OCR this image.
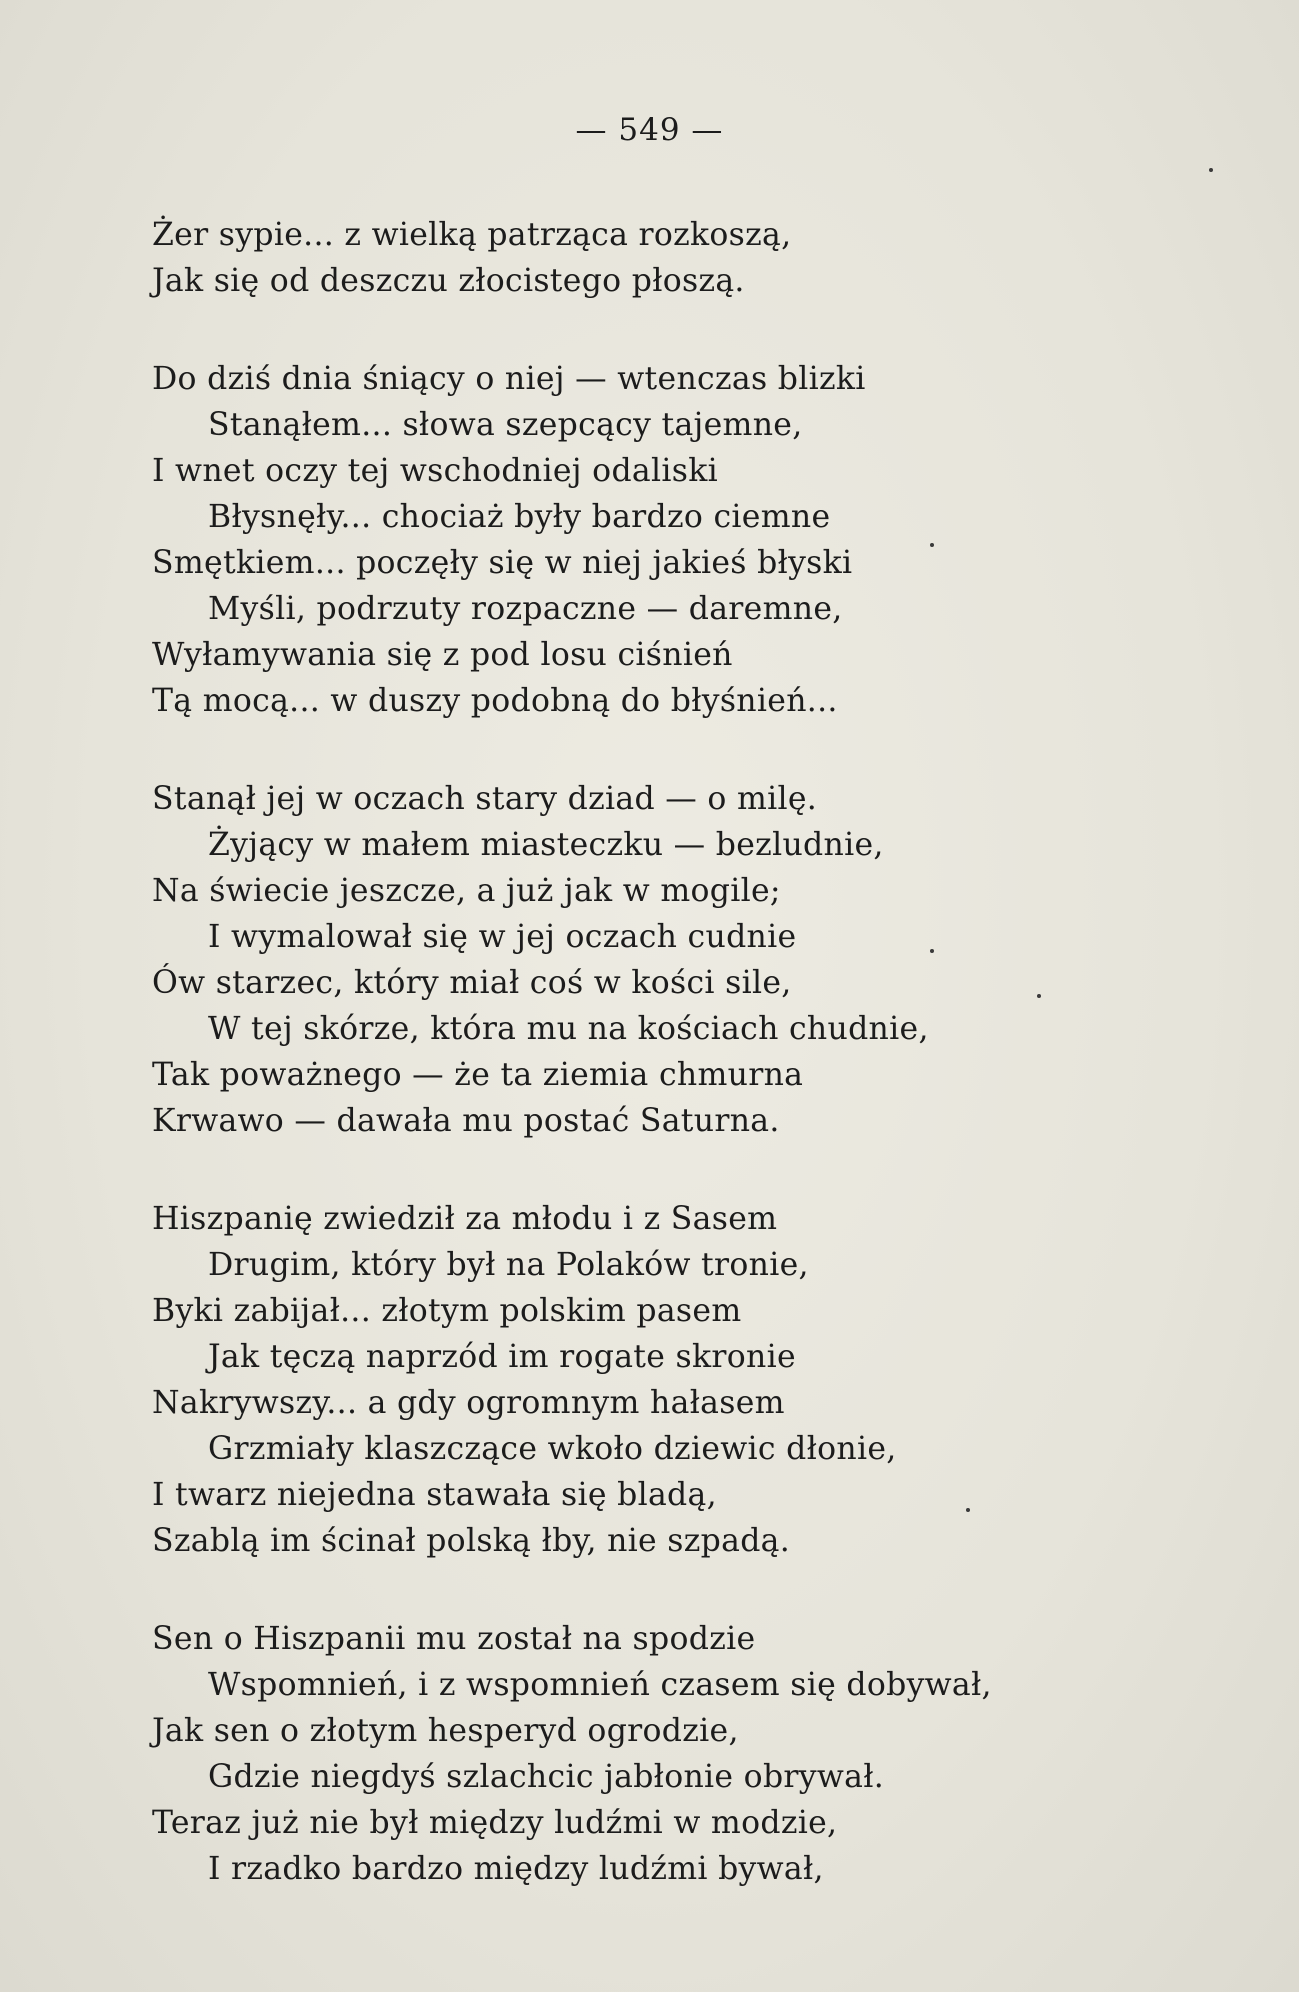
— 549 —
Żer sypie... z wielką patrząca rozkoszą,
Jak się od deszczu złocistego płoszą.
Do dziś dnia śniący o niej — wtenczas blizki
Stanąłem... słowa szepcący tajemne,
I wnet oczy tej wschodniej odaliski
Błysnęły... chociaż były bardzo ciemne
Smętkiem... poczęły się w niej jakieś błyski
Myśli, podrzuty rozpaczne — daremne,
Wyłamywania się z pod losu ciśnień
Tą mocą... w duszy podobną do błyśnień...
Stanął jej w oczach stary dziad — o milę.
Żyjący w małem miasteczku — bezludnie,
Na świecie jeszcze, a już jak w mogile;
I wymalował się w jej oczach cudnie
Ów starzec, który miał coś w kości sile,
W tej skórze, która mu na kościach chudnie,
Tak poważnego — że ta ziemia chmurna
Krwawo — dawała mu postać Saturna.
Hiszpanię zwiedził za młodu i z Sasem
Drugim, który był na Polaków tronie,
Byki zabijał... złotym polskim pasem
Jak tęczą naprzód im rogate skronie
Nakrywszy... a gdy ogromnym hałasem
Grzmiały klaszczące wkoło dziewic dłonie,
I twarz niejedna stawała się bladą,
Szablą im ścinał polską łby, nie szpadą.
Sen o Hiszpanii mu został na spodzie
Wspomnień, i z wspomnień czasem się dobywał,
Jak sen o złotym hesperyd ogrodzie,
Gdzie niegdyś szlachcic jabłonie obrywał.
Teraz już nie był między ludźmi w modzie,
I rzadko bardzo między ludźmi bywał,
